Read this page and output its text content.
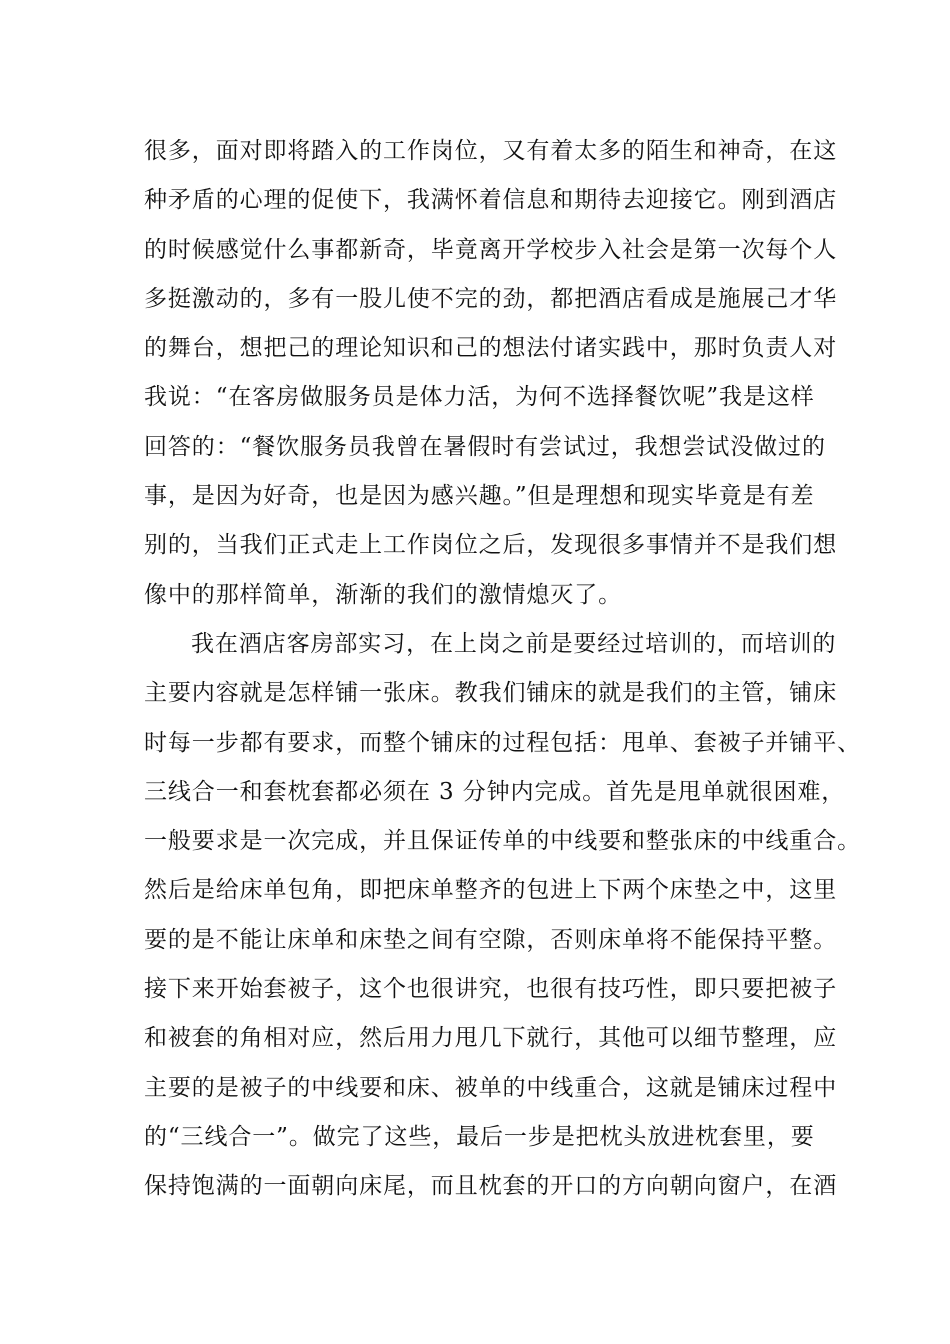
很多，面对即将踏入的工作岗位，又有着太多的陌生和神奇，在这
种矛盾的心理的促使下，我满怀着信息和期待去迎接它。刚到酒店
的时候感觉什么事都新奇，毕竟离开学校步入社会是第一次每个人
多挺激动的，多有一股儿使不完的劲，都把酒店看成是施展己才华
的舞台，想把己的理论知识和己的想法付诸实践中，那时负责人对
我说：“在客房做服务员是体力活，为何不选择餐饮呢”我是这样
回答的：“餐饮服务员我曾在暑假时有尝试过，我想尝试没做过的
事，是因为好奇，也是因为感兴趣。”但是理想和现实毕竟是有差
别的，当我们正式走上工作岗位之后，发现很多事情并不是我们想
像中的那样简单，渐渐的我们的激情熄灭了。
我在酒店客房部实习，在上岗之前是要经过培训的，而培训的
主要内容就是怎样铺一张床。教我们铺床的就是我们的主管，铺床
时每一步都有要求，而整个铺床的过程包括：甩单、套被子并铺平、
三线合一和套枕套都必须在 3 分钟内完成。首先是甩单就很困难，
一般要求是一次完成，并且保证传单的中线要和整张床的中线重合。
然后是给床单包角，即把床单整齐的包进上下两个床垫之中，这里
要的是不能让床单和床垫之间有空隙，否则床单将不能保持平整。
接下来开始套被子，这个也很讲究，也很有技巧性，即只要把被子
和被套的角相对应，然后用力甩几下就行，其他可以细节整理，应
主要的是被子的中线要和床、被单的中线重合，这就是铺床过程中
的“三线合一”。做完了这些，最后一步是把枕头放进枕套里，要
保持饱满的一面朝向床尾，而且枕套的开口的方向朝向窗户，在酒
